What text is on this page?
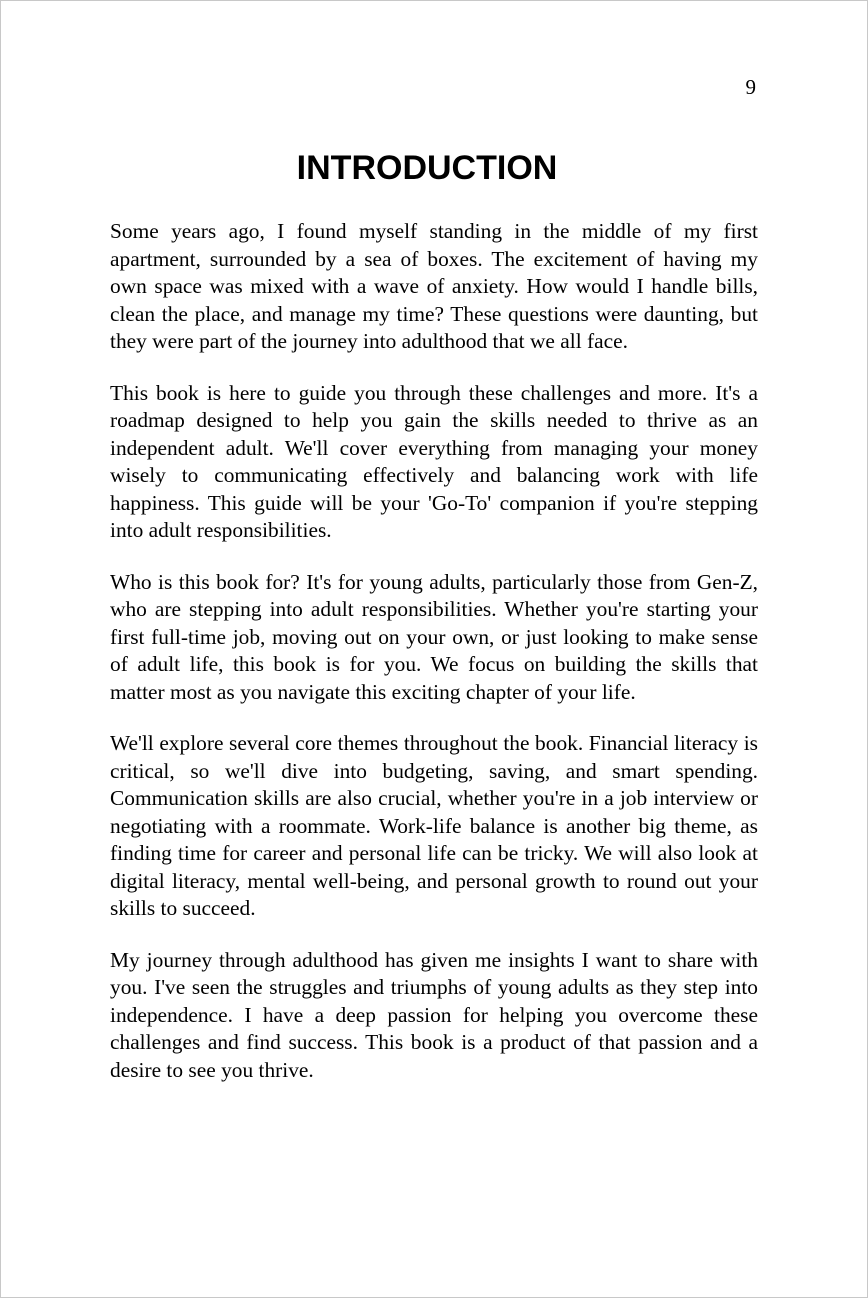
9
INTRODUCTION

Some years ago, I found myself standing in the middle of my first apartment, surrounded by a sea of boxes. The excitement of having my own space was mixed with a wave of anxiety. How would I handle bills, clean the place, and manage my time? These questions were daunting, but they were part of the journey into adulthood that we all face.

This book is here to guide you through these challenges and more. It's a roadmap designed to help you gain the skills needed to thrive as an independent adult. We'll cover everything from managing your money wisely to communicating effectively and balancing work with life happiness. This guide will be your 'Go-To' companion if you're stepping into adult responsibilities.

Who is this book for? It's for young adults, particularly those from Gen-Z, who are stepping into adult responsibilities. Whether you're starting your first full-time job, moving out on your own, or just looking to make sense of adult life, this book is for you. We focus on building the skills that matter most as you navigate this exciting chapter of your life.

We'll explore several core themes throughout the book. Financial literacy is critical, so we'll dive into budgeting, saving, and smart spending. Communication skills are also crucial, whether you're in a job interview or negotiating with a roommate. Work-life balance is another big theme, as finding time for career and personal life can be tricky. We will also look at digital literacy, mental well-being, and personal growth to round out your skills to succeed.

My journey through adulthood has given me insights I want to share with you. I've seen the struggles and triumphs of young adults as they step into independence. I have a deep passion for helping you overcome these challenges and find success. This book is a product of that passion and a desire to see you thrive.
